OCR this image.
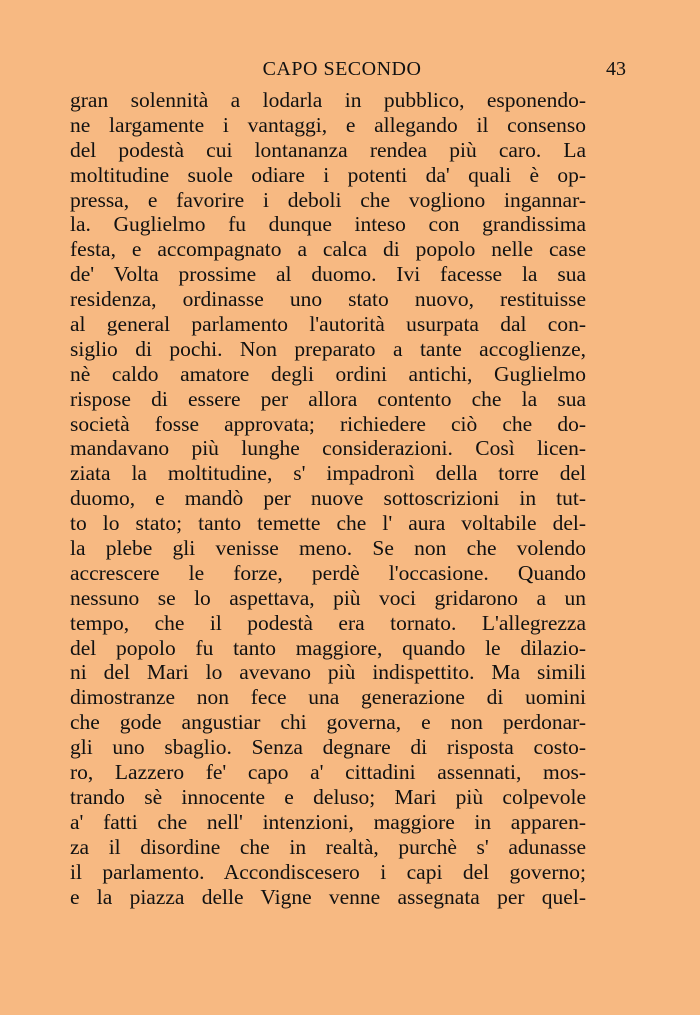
CAPO SECONDO	43
gran solennità a lodarla in pubblico, esponendo-
ne largamente i vantaggi, e allegando il consenso
del podestà cui lontananza rendea più caro. La
moltitudine suole odiare i potenti da' quali è op-
pressa, e favorire i deboli che vogliono ingannar-
la. Guglielmo fu dunque inteso con grandissima
festa, e accompagnato a calca di popolo nelle case
de' Volta prossime al duomo. Ivi facesse la sua
residenza, ordinasse uno stato nuovo, restituisse
al general parlamento l'autorità usurpata dal con-
siglio di pochi. Non preparato a tante accoglienze,
nè caldo amatore degli ordini antichi, Guglielmo
rispose di essere per allora contento che la sua
società fosse approvata; richiedere ciò che do-
mandavano più lunghe considerazioni. Così licen-
ziata la moltitudine, s' impadronì della torre del
duomo, e mandò per nuove sottoscrizioni in tut-
to lo stato; tanto temette che l' aura voltabile del-
la plebe gli venisse meno. Se non che volendo
accrescere le forze, perdè l'occasione. Quando
nessuno se lo aspettava, più voci gridarono a un
tempo, che il podestà era tornato. L'allegrezza
del popolo fu tanto maggiore, quando le dilazio-
ni del Mari lo avevano più indispettito. Ma simili
dimostranze non fece una generazione di uomini
che gode angustiar chi governa, e non perdonar-
gli uno sbaglio. Senza degnare di risposta costo-
ro, Lazzero fe' capo a' cittadini assennati, mos-
trando sè innocente e deluso; Mari più colpevole
a' fatti che nell' intenzioni, maggiore in apparen-
za il disordine che in realtà, purchè s' adunasse
il parlamento. Accondiscesero i capi del governo;
e la piazza delle Vigne venne assegnata per quel-
